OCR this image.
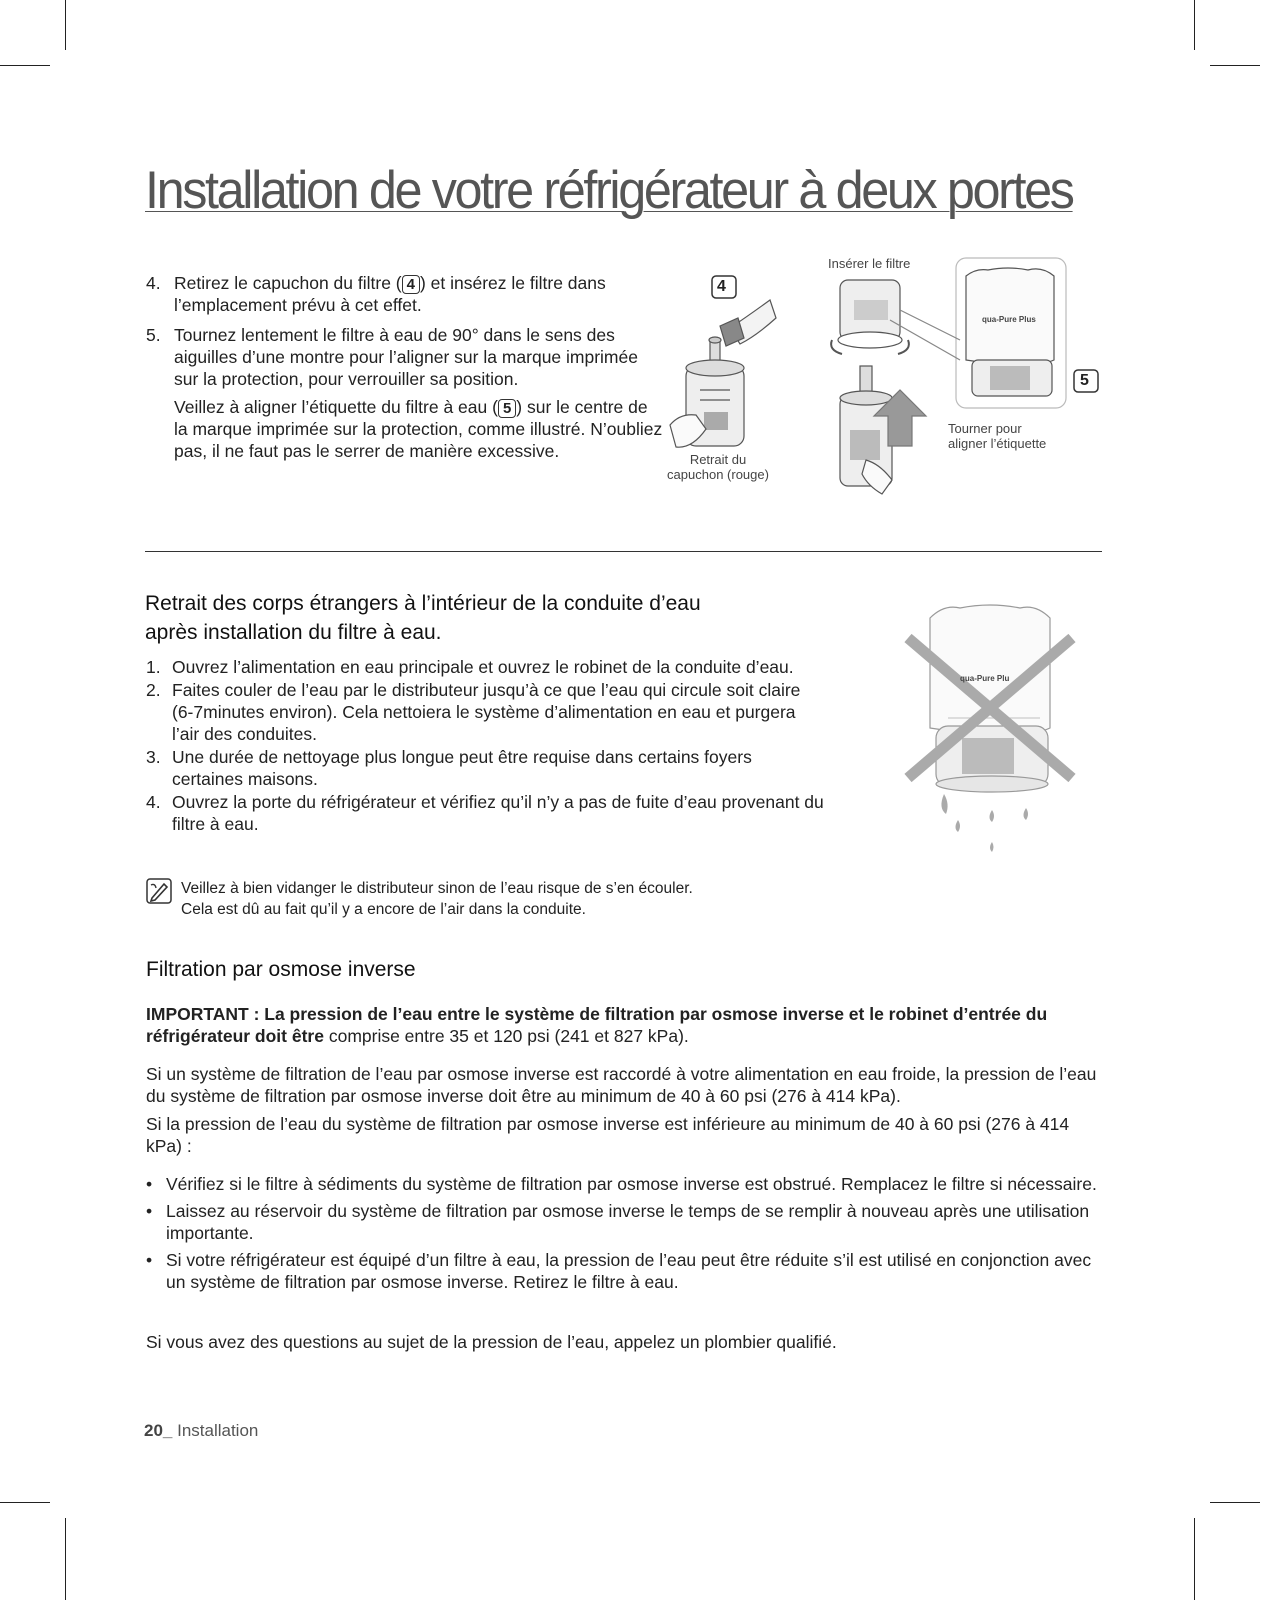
Installation de votre réfrigérateur à deux portes
4. Retirez le capuchon du filtre ( 4 ) et insérez le filtre dans l’emplacement prévu à cet effet.

5. Tournez lentement le filtre à eau de 90° dans le sens des aiguilles d’une montre pour l’aligner sur la marque imprimée sur la protection, pour verrouiller sa position.

Veillez à aligner l’étiquette du filtre à eau ( 5 ) sur le centre de la marque imprimée sur la protection, comme illustré. N’oubliez pas, il ne faut pas le serrer de manière excessive.

4
5
qua-Pure Plus
Insérer le filtre
Retrait du
capuchon (rouge)
Tourner pour
aligner l’étiquette
Retrait des corps étrangers à l’intérieur de la conduite d’eau
après installation du filtre à eau.
1. Ouvrez l’alimentation en eau principale et ouvrez le robinet de la conduite d’eau.
2. Faites couler de l’eau par le distributeur jusqu’à ce que l’eau qui circule soit claire (6-7minutes environ). Cela nettoiera le système d’alimentation en eau et purgera l’air des conduites.
3. Une durée de nettoyage plus longue peut être requise dans certains foyers certaines maisons.
4. Ouvrez la porte du réfrigérateur et vérifiez qu’il n’y a pas de fuite d’eau provenant du filtre à eau.
Veillez à bien vidanger le distributeur sinon de l’eau risque de s’en écouler.
Cela est dû au fait qu’il y a encore de l’air dans la conduite.
qua-Pure Plu
Filtration par osmose inverse
IMPORTANT : La pression de l’eau entre le système de filtration par osmose inverse et le robinet d’entrée du réfrigérateur doit être comprise entre 35 et 120 psi (241 et 827 kPa).
Si un système de filtration de l’eau par osmose inverse est raccordé à votre alimentation en eau froide, la pression de l’eau du système de filtration par osmose inverse doit être au minimum de 40 à 60 psi (276 à 414 kPa).
Si la pression de l’eau du système de filtration par osmose inverse est inférieure au minimum de 40 à 60 psi (276 à 414 kPa) :
• Vérifiez si le filtre à sédiments du système de filtration par osmose inverse est obstrué. Remplacez le filtre si nécessaire.
• Laissez au réservoir du système de filtration par osmose inverse le temps de se remplir à nouveau après une utilisation importante.
• Si votre réfrigérateur est équipé d’un filtre à eau, la pression de l’eau peut être réduite s’il est utilisé en conjonction avec un système de filtration par osmose inverse. Retirez le filtre à eau.
Si vous avez des questions au sujet de la pression de l’eau, appelez un plombier qualifié.
20_ Installation
